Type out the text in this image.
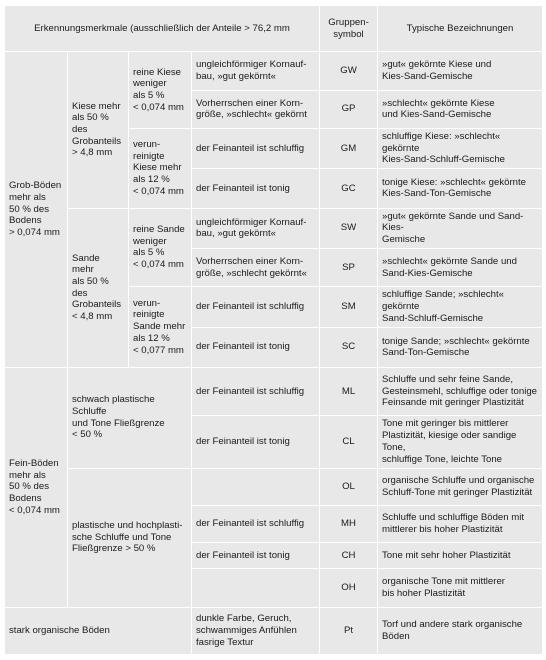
Erkennungsmerkmale (ausschließlich der Anteile > 76,2 mm				Gruppen-
symbol	Typische Bezeichnungen
Grob-Böden
mehr als
50 % des
Bodens
> 0,074 mm	Kiese mehr
als 50 % des
Grobanteils
> 4,8 mm	reine Kiese
weniger
als 5 %
< 0,074 mm	ungleichförmiger Kornauf-
bau, »gut gekörnt«	GW	»gut« gekörnte Kiese und
Kies-Sand-Gemische
			Vorherrschen einer Korn-
größe, »schlecht« gekörnt	GP	»schlecht« gekörnte Kiese
und Kies-Sand-Gemische
		verun-
reinigte
Kiese mehr
als 12 %
< 0,074 mm	der Feinanteil ist schluffig	GM	schluffige Kiese: »schlecht« gekörnte
Kies-Sand-Schluff-Gemische
			der Feinanteil ist tonig	GC	tonige Kiese: »schlecht« gekörnte
Kies-Sand-Ton-Gemische
	Sande mehr
als 50 % des
Grobanteils
< 4,8 mm	reine Sande
weniger
als 5 %
< 0,074 mm	ungleichförmiger Kornauf-
bau, »gut gekörnt«	SW	»gut« gekörnte Sande und Sand-Kies-
Gemische
			Vorherrschen einer Korn-
größe, »schlecht gekörnt«	SP	»schlecht« gekörnte Sande und
Sand-Kies-Gemische
		verun-
reinigte
Sande mehr
als 12 %
< 0,077 mm	der Feinanteil ist schluffig	SM	schluffige Sande; »schlecht« gekörnte
Sand-Schluff-Gemische
			der Feinanteil ist tonig	SC	tonige Sande; »schlecht« gekörnte
Sand-Ton-Gemische
Fein-Böden
mehr als
50 % des
Bodens
< 0,074 mm	schwach plastische Schluffe
und Tone Fließgrenze
< 50 %		der Feinanteil ist schluffig	ML	Schluffe und sehr feine Sande,
Gesteinsmehl, schluffige oder tonige
Feinsande mit geringer Plastizität
			der Feinanteil ist tonig	CL	Tone mit geringer bis mittlerer
Plastizität, kiesige oder sandige Tone,
schluffige Tone, leichte Tone
	plastische und hochplasti-
sche Schluffe und Tone
Fließgrenze > 50 %			OL	organische Schluffe und organische
Schluff-Tone mit geringer Plastizität
			der Feinanteil ist schluffig	MH	Schluffe und schluffige Böden mit
mittlerer bis hoher Plastizität
			der Feinanteil ist tonig	CH	Tone mit sehr hoher Plastizität
				OH	organische Tone mit mittlerer
bis hoher Plastizität
stark organische Böden			dunkle Farbe, Geruch,
schwammiges Anfühlen
fasrige Textur	Pt	Torf und andere stark organische
Böden
